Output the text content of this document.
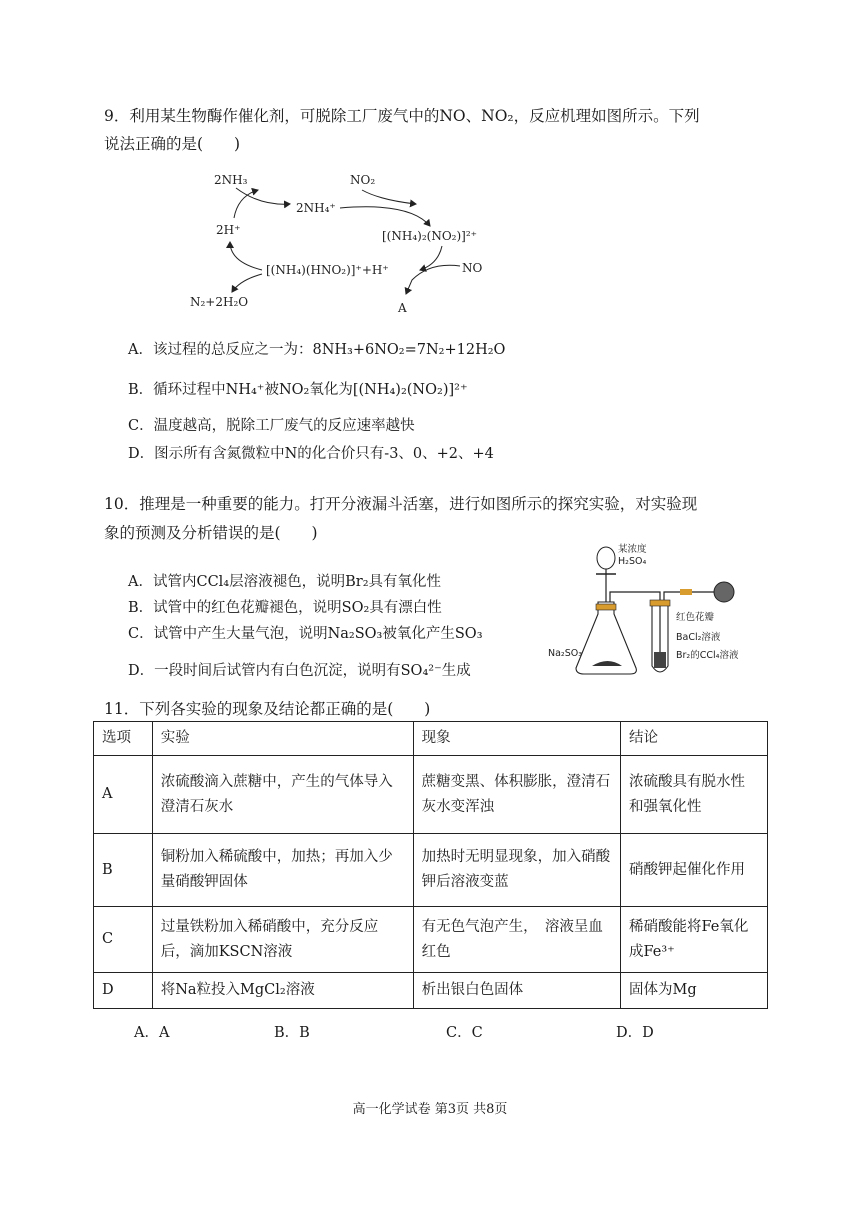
9．利用某生物酶作催化剂，可脱除工厂废气中的NO、NO₂，反应机理如图所示。下列
说法正确的是(　　)
2NH₃	NO₂
2NH₄⁺
2H⁺	[(NH₄)₂(NO₂)]²⁺
[(NH₄)(HNO₂)]⁺+H⁺	NO
A
N₂+2H₂O
A．该过程的总反应之一为：8NH₃+6NO₂=7N₂+12H₂O
B．循环过程中NH₄⁺被NO₂氧化为[(NH₄)₂(NO₂)]²⁺
C．温度越高，脱除工厂废气的反应速率越快
D．图示所有含氮微粒中N的化合价只有-3、0、+2、+4
10．推理是一种重要的能力。打开分液漏斗活塞，进行如图所示的探究实验，对实验现
象的预测及分析错误的是(　　)
A．试管内CCl₄层溶液褪色，说明Br₂具有氧化性
B．试管中的红色花瓣褪色，说明SO₂具有漂白性
C．试管中产生大量气泡，说明Na₂SO₃被氧化产生SO₃
D．一段时间后试管内有白色沉淀，说明有SO₄²⁻生成
某浓度
H₂SO₄
Na₂SO₃
红色花瓣
BaCl₂溶液
Br₂的CCl₄溶液
11．下列各实验的现象及结论都正确的是(　　)
选项	实验	现象	结论
A	浓硫酸滴入蔗糖中，产生的气体导入澄清石灰水	蔗糖变黑、体积膨胀，澄清石灰水变浑浊	浓硫酸具有脱水性和强氧化性
B	铜粉加入稀硫酸中，加热；再加入少量硝酸钾固体	加热时无明显现象，加入硝酸钾后溶液变蓝	硝酸钾起催化作用
C	过量铁粉加入稀硝酸中，充分反应后，滴加KSCN溶液	有无色气泡产生，　溶液呈血红色	稀硝酸能将Fe氧化成Fe³⁺
D	将Na粒投入MgCl₂溶液	析出银白色固体	固体为Mg
A．A	B．B	C．C	D．D
高一化学试卷 第3页 共8页
